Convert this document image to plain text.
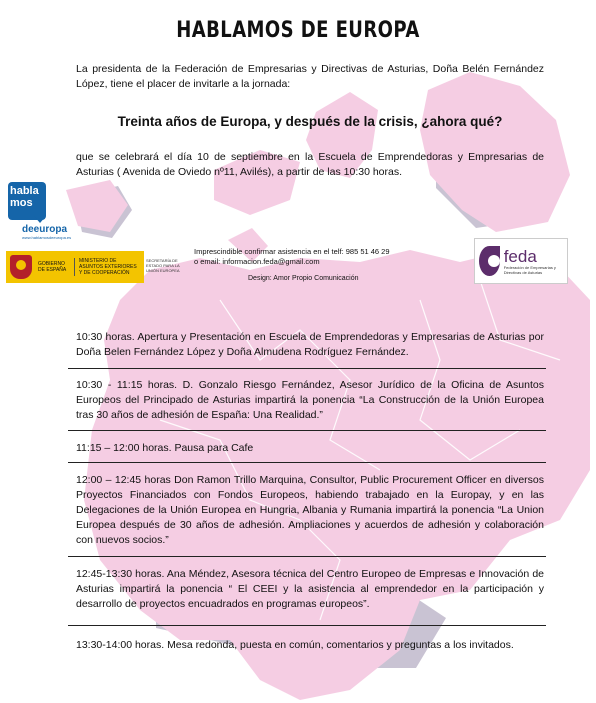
HABLAMOS DE EUROPA
La presidenta de la Federación de Empresarias y Directivas de Asturias, Doña Belén Fernández López, tiene el placer de invitarle a la jornada:
Treinta años de Europa, y después de la crisis, ¿ahora qué?
que se celebrará el día 10 de septiembre en la Escuela de Emprendedoras y Empresarias de Asturias ( Avenida de Oviedo nº11, Avilés), a partir de las 10:30 horas.
habla
mos
deeuropa
www.hablamosdeeuropa.es
GOBIERNO DE ESPAÑA
MINISTERIO DE ASUNTOS EXTERIORES Y DE COOPERACIÓN
SECRETARÍA DE ESTADO PARA LA UNIÓN EUROPEA
Imprescindible confirmar asistencia en el telf: 985 51 46 29
o email: informacion.feda@gmail.com
Design: Amor Propio Comunicación
feda
Federación de Empresarias y Directivas de Asturias
10:30 horas. Apertura y Presentación en Escuela de Emprendedoras y Empresarias de Asturias por Doña Belen Fernández López y Doña Almudena Rodríguez Fernández.
10:30 - 11:15 horas. D. Gonzalo Riesgo Fernández, Asesor Jurídico de la Oficina de Asuntos Europeos del Principado de Asturias impartirá la ponencia “La Construcción de la Unión Europea tras 30 años de adhesión de España: Una Realidad.”
11:15 – 12:00 horas. Pausa para Cafe
12:00 – 12:45 horas Don Ramon Trillo Marquina, Consultor, Public Procurement Officer en diversos Proyectos Financiados con Fondos Europeos, habiendo trabajado en la Europay, y en las Delegaciones de la Unión Europea en Hungria, Albania y Rumania impartirá la ponencia “La Union Europea después de 30 años de adhesión. Ampliaciones y acuerdos de adhesión y colaboración con nuevos socios.”
12:45-13:30 horas. Ana Méndez, Asesora técnica del Centro Europeo de Empresas e Innovación de Asturias impartirá la ponencia “ El CEEI y la asistencia al emprendedor en la participación y desarrollo de proyectos encuadrados en programas europeos”.
13:30-14:00 horas. Mesa redonda, puesta en común, comentarios y preguntas a los invitados.
